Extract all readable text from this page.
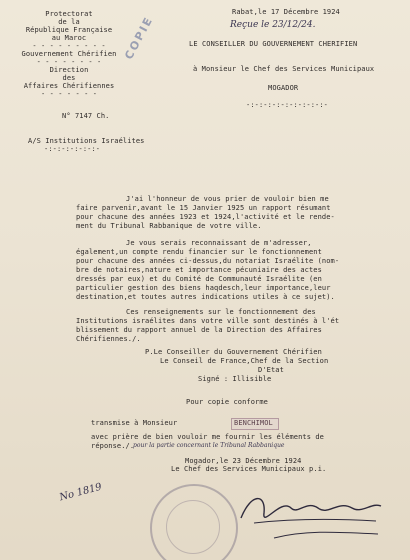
Protectorat
de la
République Française
au Maroc
- - - - - - - - -
Gouvernement Chérifien
- - - - - - - -
Direction
des
Affaires Chérifiennes
- - - - - - -
N° 7147 Ch.
A/S Institutions Israélites
-:-:-:-:-:-:-
COPIE
Rabat,le 17 Décembre 1924
Reçue le 23/12/24.
LE CONSEILLER DU GOUVERNEMENT CHERIFIEN
à Monsieur le Chef des Services Municipaux
MOGADOR
-:-:-:-:-:-:-:-:-:-
J'ai l'honneur de vous prier de vouloir bien me
faire parvenir,avant le 15 Janvier 1925 un rapport résumant
pour chacune des années 1923 et 1924,l'activité et le rende-
ment du Tribunal Rabbanique de votre ville.
Je vous serais reconnaissant de m'adresser,
également,un compte rendu financier sur le fonctionnement
pour chacune des années ci-dessus,du notariat Israélite (nom-
bre de notaires,nature et importance pécuniaire des actes
dressés par eux) et du Comité de Communauté Israélite (en
particulier gestion des biens haqdesch,leur importance,leur
destination,et toutes autres indications utiles à ce sujet).
Ces renseignements sur le fonctionnement des
Institutions israélites dans votre ville sont destinés à l'ét
blissement du rapport annuel de la Direction des Affaires
Chérifiennes./.
P.Le Conseiller du Gouvernement Chérifien
Le Conseil de France,Chef de la Section
D'Etat
Signé : Illisible
Pour copie conforme
transmise à Monsieur	BENCHIMOL
avec prière de bien vouloir me fournir les éléments de
réponse./.
pour la partie concernant le Tribunal Rabbanique
Mogador,le 23 Décembre 1924
Le Chef des Services Municipaux p.i.
No 1819
